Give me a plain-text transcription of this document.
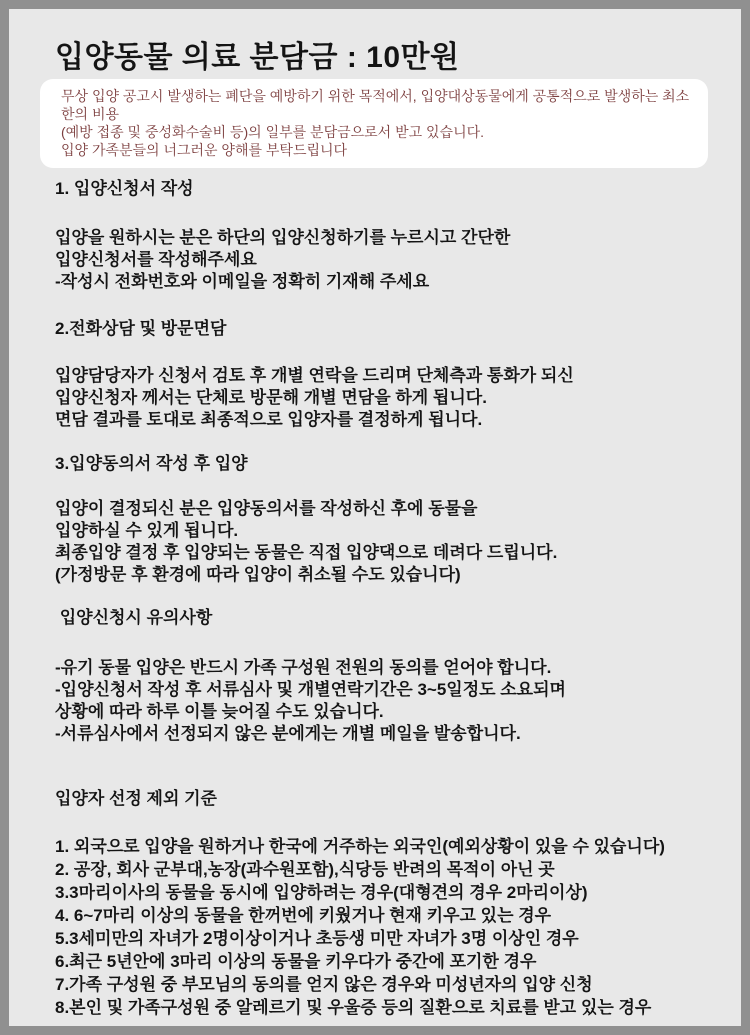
입양동물 의료 분담금 : 10만원
무상 입양 공고시 발생하는 폐단을 예방하기 위한 목적에서, 입양대상동물에게 공통적으로 발생하는 최소한의 비용
(예방 접종 및 중성화수술비 등)의 일부를 분담금으로서 받고 있습니다.
입양 가족분들의 너그러운 양해를 부탁드립니다
1. 입양신청서 작성
입양을 원하시는 분은 하단의 입양신청하기를 누르시고 간단한
입양신청서를 작성해주세요
-작성시 전화번호와 이메일을 정확히 기재해 주세요
2.전화상담 및 방문면담
입양담당자가 신청서 검토 후 개별 연락을 드리며 단체측과 통화가 되신
입양신청자 께서는 단체로 방문해 개별 면담을 하게 됩니다.
면담 결과를 토대로 최종적으로 입양자를 결정하게 됩니다.
3.입양동의서 작성 후 입양
입양이 결정되신 분은 입양동의서를 작성하신 후에 동물을
입양하실 수 있게 됩니다.
최종입양 결정 후 입양되는 동물은 직접 입양댁으로 데려다 드립니다.
(가정방문 후 환경에 따라 입양이 취소될 수도 있습니다)
입양신청시 유의사항
-유기 동물 입양은 반드시 가족 구성원 전원의 동의를 얻어야 합니다.
-입양신청서 작성 후 서류심사 및 개별연락기간은 3~5일정도 소요되며
상황에 따라 하루 이틀 늦어질 수도 있습니다.
-서류심사에서 선정되지 않은 분에게는 개별 메일을 발송합니다.
입양자 선정 제외 기준
1. 외국으로 입양을 원하거나 한국에 거주하는 외국인(예외상황이 있을 수 있습니다)
2. 공장, 회사 군부대,농장(과수원포함),식당등 반려의 목적이 아닌 곳
3.3마리이사의 동물을 동시에 입양하려는 경우(대형견의 경우 2마리이상)
4. 6~7마리 이상의 동물을 한꺼번에 키웠거나 현재 키우고 있는 경우
5.3세미만의 자녀가 2명이상이거나 초등생 미만 자녀가 3명 이상인 경우
6.최근 5년안에 3마리 이상의 동물을 키우다가 중간에 포기한 경우
7.가족 구성원 중 부모님의 동의를 얻지 않은 경우와 미성년자의 입양 신청
8.본인 및 가족구성원 중 알레르기 및 우울증 등의 질환으로 치료를 받고 있는 경우
